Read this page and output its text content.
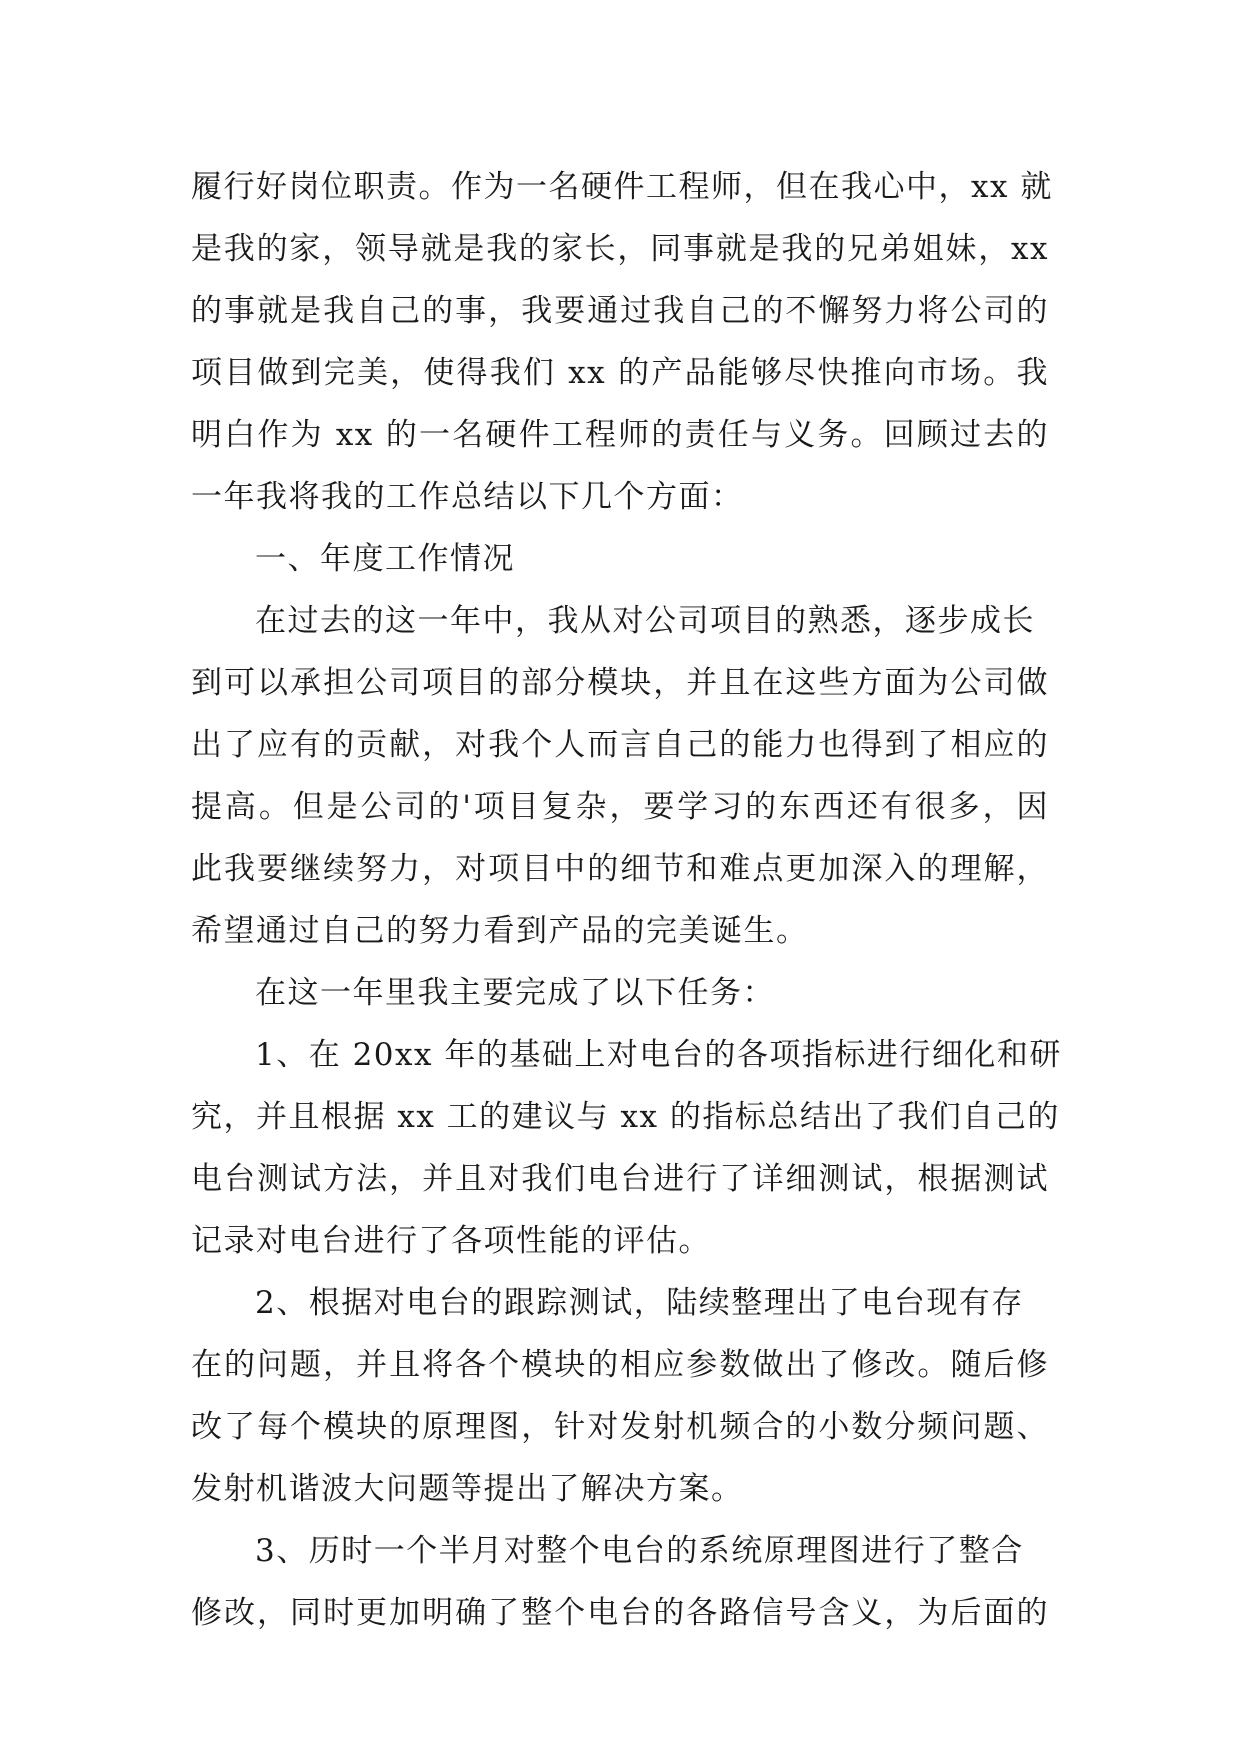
履行好岗位职责。作为一名硬件工程师，但在我心中，xx 就
是我的家，领导就是我的家长，同事就是我的兄弟姐妹，xx
的事就是我自己的事，我要通过我自己的不懈努力将公司的
项目做到完美，使得我们 xx 的产品能够尽快推向市场。我
明白作为 xx 的一名硬件工程师的责任与义务。回顾过去的
一年我将我的工作总结以下几个方面：
一、年度工作情况
在过去的这一年中，我从对公司项目的熟悉，逐步成长
到可以承担公司项目的部分模块，并且在这些方面为公司做
出了应有的贡献，对我个人而言自己的能力也得到了相应的
提高。但是公司的'项目复杂，要学习的东西还有很多，因
此我要继续努力，对项目中的细节和难点更加深入的理解，
希望通过自己的努力看到产品的完美诞生。
在这一年里我主要完成了以下任务：
1、在 20xx 年的基础上对电台的各项指标进行细化和研
究，并且根据 xx 工的建议与 xx 的指标总结出了我们自己的
电台测试方法，并且对我们电台进行了详细测试，根据测试
记录对电台进行了各项性能的评估。
2、根据对电台的跟踪测试，陆续整理出了电台现有存
在的问题，并且将各个模块的相应参数做出了修改。随后修
改了每个模块的原理图，针对发射机频合的小数分频问题、
发射机谐波大问题等提出了解决方案。
3、历时一个半月对整个电台的系统原理图进行了整合
修改，同时更加明确了整个电台的各路信号含义，为后面的
